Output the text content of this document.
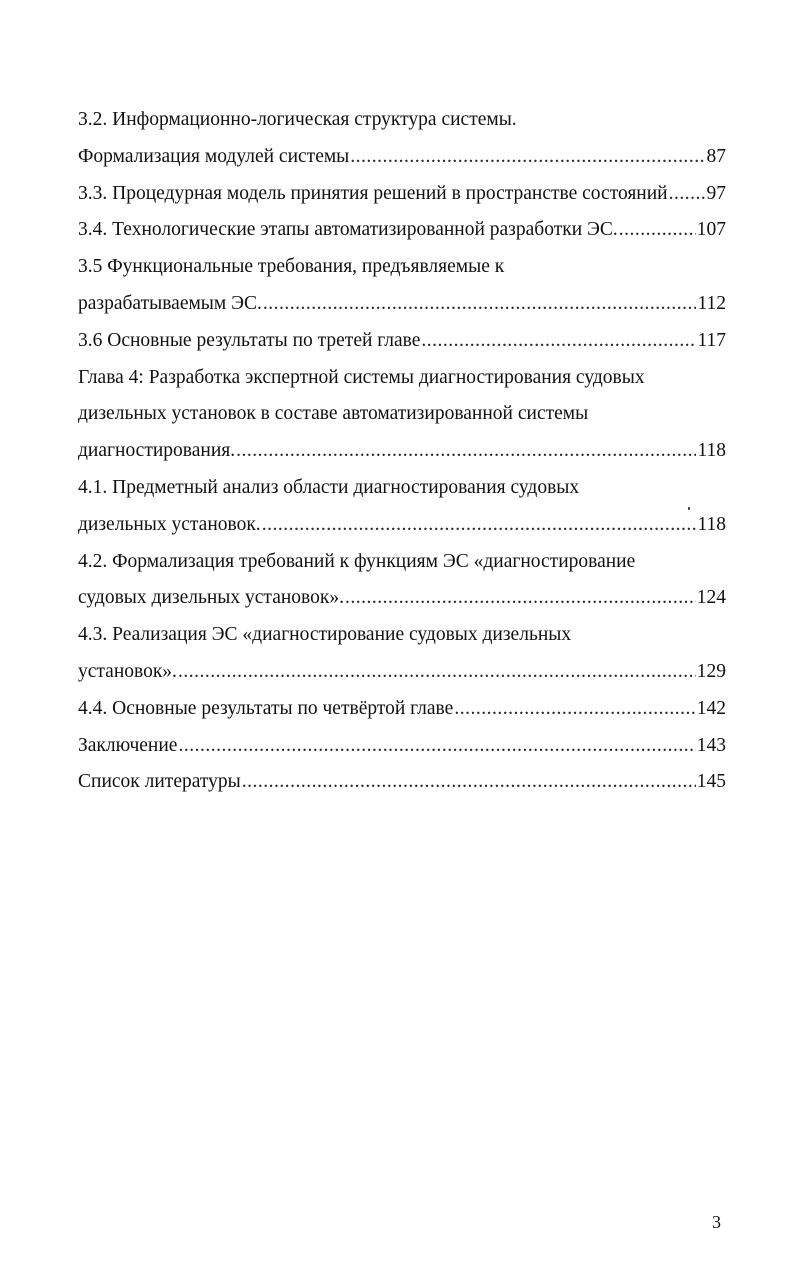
3.2. Информационно-логическая структура системы.
Формализация модулей системы .....	87
3.3. Процедурная модель принятия решений в пространстве состояний ..... 97
3.4. Технологические этапы автоматизированной разработки ЭС. .....	107
3.5 Функциональные требования, предъявляемые к
разрабатываемым ЭС. .....	112
3.6 Основные результаты по третей главе .....	117
Глава 4: Разработка экспертной системы диагностирования судовых
дизельных установок в составе автоматизированной системы
диагностирования. .....	118
4.1. Предметный анализ области диагностирования судовых
дизельных установок. .....	118
4.2. Формализация требований к функциям ЭС «диагностирование
судовых дизельных установок». .....	124
4.3. Реализация ЭС «диагностирование судовых дизельных
установок». .....	129
4.4. Основные результаты по четвёртой главе .....	142
Заключение .....	143
Список литературы .....	145
3
